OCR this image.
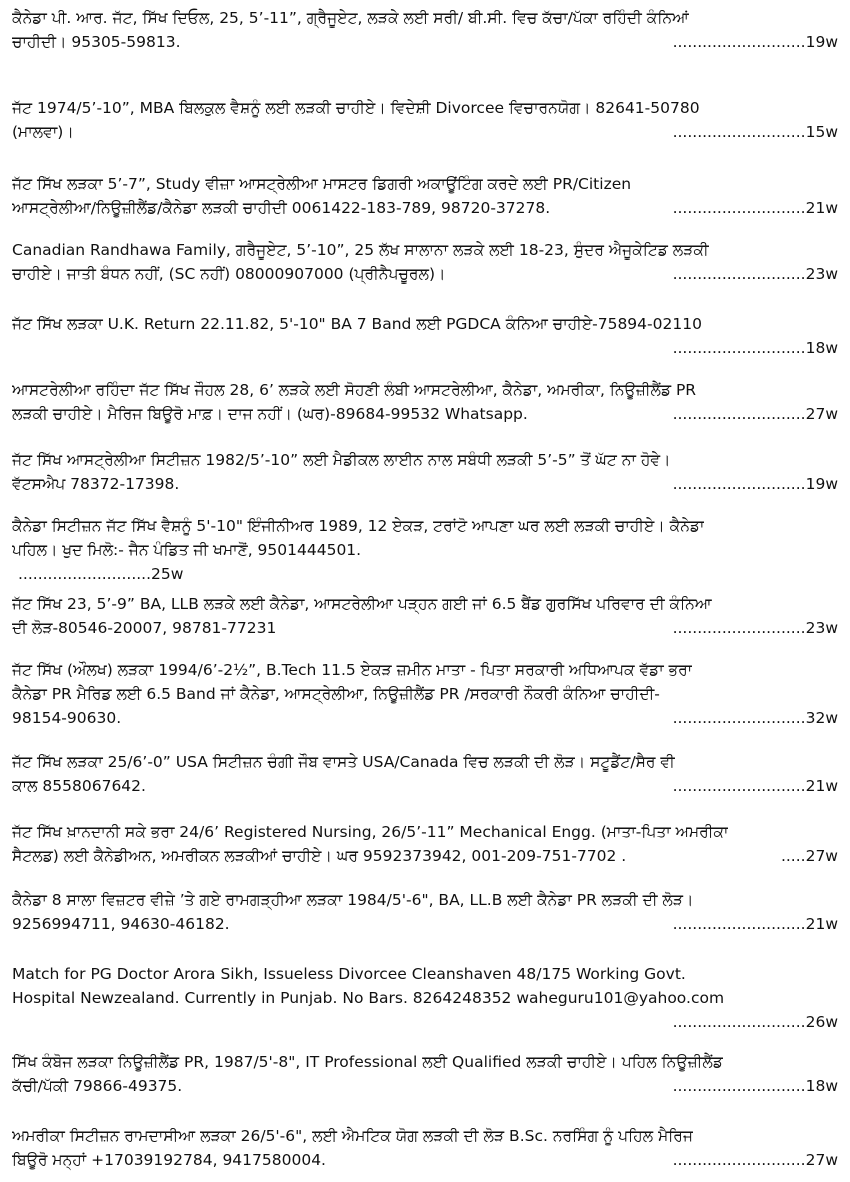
ਕੈਨੇਡਾ ਪੀ. ਆਰ. ਜੱਟ, ਸਿੱਖ ਦਿਓਲ, 25, 5’-11”, ਗ੍ਰੈਜੂਏਟ, ਲੜਕੇ ਲਈ ਸਰੀ/ ਬੀ.ਸੀ. ਵਿਚ ਕੱਚਾ/ਪੱਕਾ ਰਹਿੰਦੀ ਕੰਨਿਆਂ
ਚਾਹੀਦੀ। 95305-59813.	...........................19w
ਜੱਟ 1974/5’-10”, MBA ਬਿਲਕੁਲ ਵੈਸ਼ਨੂੰ ਲਈ ਲੜਕੀ ਚਾਹੀਏ। ਵਿਦੇਸ਼ੀ Divorcee ਵਿਚਾਰਨਯੋਗ। 82641-50780
(ਮਾਲਵਾ)।	...........................15w
ਜੱਟ ਸਿੱਖ ਲੜਕਾ 5’-7”, Study ਵੀਜ਼ਾ ਆਸਟ੍ਰੇਲੀਆ ਮਾਸਟਰ ਡਿਗਰੀ ਅਕਾਊਂਟਿੰਗ ਕਰਦੇ ਲਈ PR/Citizen
ਆਸਟ੍ਰੇਲੀਆ/ਨਿਊਜ਼ੀਲੈਂਡ/ਕੈਨੇਡਾ ਲੜਕੀ ਚਾਹੀਦੀ 0061422-183-789, 98720-37278.	...........................21w
Canadian Randhawa Family, ਗਰੈਜੂਏਟ, 5’-10”, 25 ਲੱਖ ਸਾਲਾਨਾ ਲੜਕੇ ਲਈ 18-23, ਸੁੰਦਰ ਐਜੂਕੇਟਿਡ ਲੜਕੀ
ਚਾਹੀਏ। ਜਾਤੀ ਬੰਧਨ ਨਹੀਂ, (SC ਨਹੀਂ) 08000907000 (ਪ੍ਰੀਨੈਪਚੂਰਲ)।	...........................23w
ਜੱਟ ਸਿੱਖ ਲੜਕਾ U.K. Return 22.11.82, 5'-10" BA 7 Band ਲਈ PGDCA ਕੰਨਿਆ ਚਾਹੀਏ-75894-02110
...........................18w
ਆਸਟਰੇਲੀਆ ਰਹਿੰਦਾ ਜੱਟ ਸਿੱਖ ਜੌਹਲ 28, 6’ ਲੜਕੇ ਲਈ ਸੋਹਣੀ ਲੰਬੀ ਆਸਟਰੇਲੀਆ, ਕੈਨੇਡਾ, ਅਮਰੀਕਾ, ਨਿਊਜ਼ੀਲੈਂਡ PR
ਲੜਕੀ ਚਾਹੀਏ। ਮੈਰਿਜ ਬਿਊਰੋ ਮਾਫ਼। ਦਾਜ ਨਹੀਂ। (ਘਰ)-89684-99532 Whatsapp.	...........................27w
ਜੱਟ ਸਿੱਖ ਆਸਟ੍ਰੇਲੀਆ ਸਿਟੀਜ਼ਨ 1982/5’-10” ਲਈ ਮੈਡੀਕਲ ਲਾਈਨ ਨਾਲ ਸਬੰਧੀ ਲੜਕੀ 5’-5” ਤੋਂ ਘੱਟ ਨਾ ਹੋਵੇ।
ਵੱਟਸਐਪ 78372-17398.	...........................19w
ਕੈਨੇਡਾ ਸਿਟੀਜ਼ਨ ਜੱਟ ਸਿੱਖ ਵੈਸ਼ਨੂੰ 5'-10" ਇੰਜੀਨੀਅਰ 1989, 12 ਏਕੜ, ਟਰਾਂਟੋ ਆਪਣਾ ਘਰ ਲਈ ਲੜਕੀ ਚਾਹੀਏ। ਕੈਨੇਡਾ
ਪਹਿਲ। ਖੁਦ ਮਿਲੋ:- ਜੈਨ ਪੰਡਿਤ ਜੀ ਖਮਾਣੋਂ, 9501444501.
...........................25w
ਜੱਟ ਸਿੱਖ 23, 5’-9” BA, LLB ਲੜਕੇ ਲਈ ਕੈਨੇਡਾ, ਆਸਟਰੇਲੀਆ ਪੜ੍ਹਨ ਗਈ ਜਾਂ 6.5 ਬੈਂਡ ਗੁਰਸਿੱਖ ਪਰਿਵਾਰ ਦੀ ਕੰਨਿਆ
ਦੀ ਲੋੜ-80546-20007, 98781-77231	...........................23w
ਜੱਟ ਸਿੱਖ (ਔਲਖ) ਲੜਕਾ 1994/6’-2½”, B.Tech 11.5 ਏਕੜ ਜ਼ਮੀਨ ਮਾਤਾ - ਪਿਤਾ ਸਰਕਾਰੀ ਅਧਿਆਪਕ ਵੱਡਾ ਭਰਾ
ਕੈਨੇਡਾ PR ਮੈਰਿਡ ਲਈ 6.5 Band ਜਾਂ ਕੈਨੇਡਾ, ਆਸਟ੍ਰੇਲੀਆ, ਨਿਊਜ਼ੀਲੈਂਡ PR /ਸਰਕਾਰੀ ਨੌਕਰੀ ਕੰਨਿਆ ਚਾਹੀਦੀ-
98154-90630.	...........................32w
ਜੱਟ ਸਿੱਖ ਲੜਕਾ 25/6’-0” USA ਸਿਟੀਜ਼ਨ ਚੰਗੀ ਜੌਬ ਵਾਸਤੇ USA/Canada ਵਿਚ ਲੜਕੀ ਦੀ ਲੋੜ। ਸਟੂਡੈਂਟ/ਸੈਰ ਵੀ
ਕਾਲ 8558067642.	...........................21w
ਜੱਟ ਸਿੱਖ ਖ਼ਾਨਦਾਨੀ ਸਕੇ ਭਰਾ 24/6’ Registered Nursing, 26/5’-11” Mechanical Engg. (ਮਾਤਾ-ਪਿਤਾ ਅਮਰੀਕਾ
ਸੈਟਲਡ) ਲਈ ਕੈਨੇਡੀਅਨ, ਅਮਰੀਕਨ ਲੜਕੀਆਂ ਚਾਹੀਏ। ਘਰ 9592373942, 001-209-751-7702 .	.....27w
ਕੈਨੇਡਾ 8 ਸਾਲਾ ਵਿਜ਼ਟਰ ਵੀਜ਼ੇ ’ਤੇ ਗਏ ਰਾਮਗੜ੍ਹੀਆ ਲੜਕਾ 1984/5'-6", BA, LL.B ਲਈ ਕੈਨੇਡਾ PR ਲੜਕੀ ਦੀ ਲੋੜ।
9256994711, 94630-46182.	...........................21w
Match for PG Doctor Arora Sikh, Issueless Divorcee Cleanshaven 48/175 Working Govt.
Hospital Newzealand. Currently in Punjab. No Bars. 8264248352 waheguru101@yahoo.com
...........................26w
ਸਿੱਖ ਕੰਬੋਜ ਲੜਕਾ ਨਿਊਜ਼ੀਲੈਂਡ PR, 1987/5'-8", IT Professional ਲਈ Qualified ਲੜਕੀ ਚਾਹੀਏ। ਪਹਿਲ ਨਿਊਜ਼ੀਲੈਂਡ
ਕੱਚੀ/ਪੱਕੀ 79866-49375.	...........................18w
ਅਮਰੀਕਾ ਸਿਟੀਜ਼ਨ ਰਾਮਦਾਸੀਆ ਲੜਕਾ 26/5'-6", ਲਈ ਐਮਟਿਕ ਯੋਗ ਲੜਕੀ ਦੀ ਲੋੜ B.Sc. ਨਰਸਿੰਗ ਨੂੰ ਪਹਿਲ ਮੈਰਿਜ
ਬਿਊਰੋ ਮਨ੍ਹਾਂ +17039192784, 9417580004.	...........................27w
